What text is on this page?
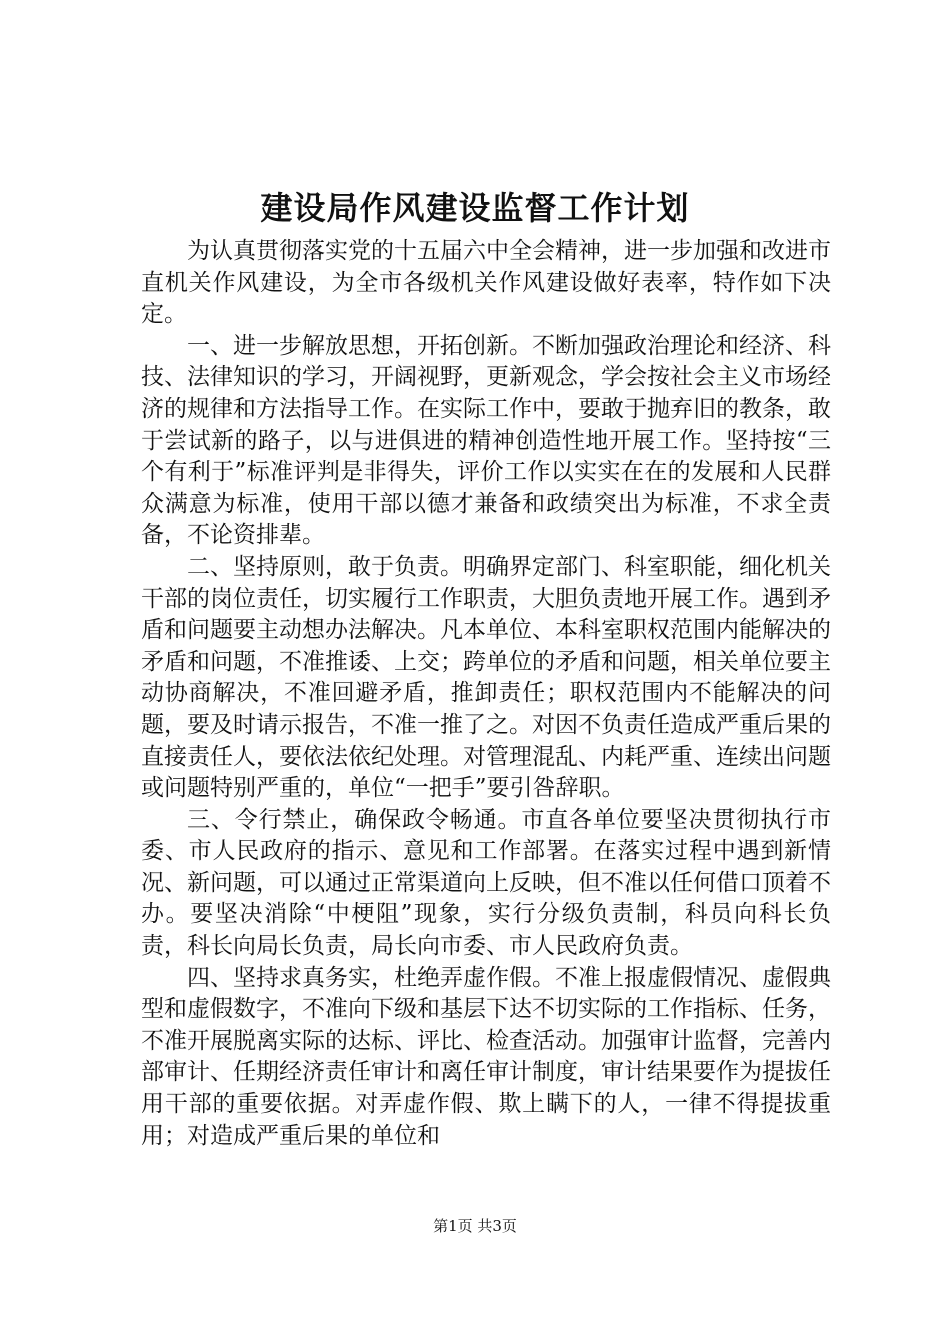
建设局作风建设监督工作计划

为认真贯彻落实党的十五届六中全会精神，进一步加强和改进市直机关作风建设，为全市各级机关作风建设做好表率，特作如下决定。

一、进一步解放思想，开拓创新。不断加强政治理论和经济、科技、法律知识的学习，开阔视野，更新观念，学会按社会主义市场经济的规律和方法指导工作。在实际工作中，要敢于抛弃旧的教条，敢于尝试新的路子，以与进俱进的精神创造性地开展工作。坚持按“三个有利于”标准评判是非得失，评价工作以实实在在的发展和人民群众满意为标准，使用干部以德才兼备和政绩突出为标准，不求全责备，不论资排辈。

二、坚持原则，敢于负责。明确界定部门、科室职能，细化机关干部的岗位责任，切实履行工作职责，大胆负责地开展工作。遇到矛盾和问题要主动想办法解决。凡本单位、本科室职权范围内能解决的矛盾和问题，不准推诿、上交；跨单位的矛盾和问题，相关单位要主动协商解决，不准回避矛盾，推卸责任；职权范围内不能解决的问题，要及时请示报告，不准一推了之。对因不负责任造成严重后果的直接责任人，要依法依纪处理。对管理混乱、内耗严重、连续出问题或问题特别严重的，单位“一把手”要引咎辞职。

三、令行禁止，确保政令畅通。市直各单位要坚决贯彻执行市委、市人民政府的指示、意见和工作部署。在落实过程中遇到新情况、新问题，可以通过正常渠道向上反映，但不准以任何借口顶着不办。要坚决消除“中梗阻”现象，实行分级负责制，科员向科长负责，科长向局长负责，局长向市委、市人民政府负责。

四、坚持求真务实，杜绝弄虚作假。不准上报虚假情况、虚假典型和虚假数字，不准向下级和基层下达不切实际的工作指标、任务，不准开展脱离实际的达标、评比、检查活动。加强审计监督，完善内部审计、任期经济责任审计和离任审计制度，审计结果要作为提拔任用干部的重要依据。对弄虚作假、欺上瞒下的人，一律不得提拔重用；对造成严重后果的单位和

第1页 共3页
